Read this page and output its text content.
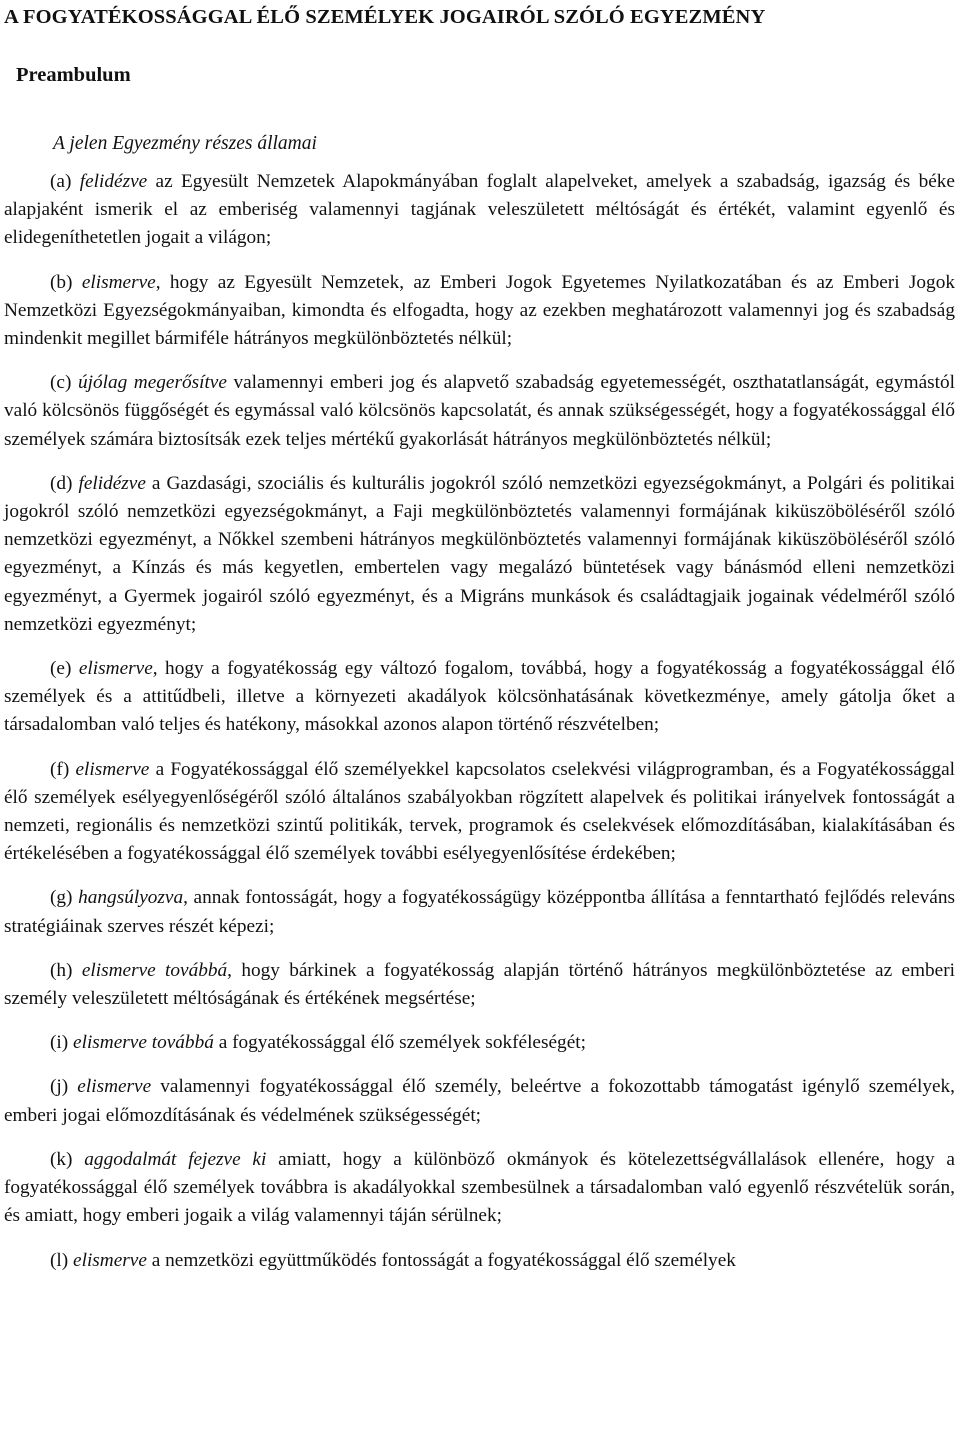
A FOGYATÉKOSSÁGGAL ÉLŐ SZEMÉLYEK JOGAIRÓL SZÓLÓ EGYEZMÉNY
Preambulum

A jelen Egyezmény részes államai

(a) felidézve az Egyesült Nemzetek Alapokmányában foglalt alapelveket, amelyek a szabadság, igazság és béke alapjaként ismerik el az emberiség valamennyi tagjának veleszületett méltóságát és értékét, valamint egyenlő és elidegeníthetetlen jogait a világon;

(b) elismerve, hogy az Egyesült Nemzetek, az Emberi Jogok Egyetemes Nyilatkozatában és az Emberi Jogok Nemzetközi Egyezségokmányaiban, kimondta és elfogadta, hogy az ezekben meghatározott valamennyi jog és szabadság mindenkit megillet bármiféle hátrányos megkülönböztetés nélkül;

(c) újólag megerősítve valamennyi emberi jog és alapvető szabadság egyetemességét, oszthatatlanságát, egymástól való kölcsönös függőségét és egymással való kölcsönös kapcsolatát, és annak szükségességét, hogy a fogyatékossággal élő személyek számára biztosítsák ezek teljes mértékű gyakorlását hátrányos megkülönböztetés nélkül;

(d) felidézve a Gazdasági, szociális és kulturális jogokról szóló nemzetközi egyezségokmányt, a Polgári és politikai jogokról szóló nemzetközi egyezségokmányt, a Faji megkülönböztetés valamennyi formájának kiküszöböléséről szóló nemzetközi egyezményt, a Nőkkel szembeni hátrányos megkülönböztetés valamennyi formájának kiküszöböléséről szóló egyezményt, a Kínzás és más kegyetlen, embertelen vagy megalázó büntetések vagy bánásmód elleni nemzetközi egyezményt, a Gyermek jogairól szóló egyezményt, és a Migráns munkások és családtagjaik jogainak védelméről szóló nemzetközi egyezményt;

(e) elismerve, hogy a fogyatékosság egy változó fogalom, továbbá, hogy a fogyatékosság a fogyatékossággal élő személyek és a attitűdbeli, illetve a környezeti akadályok kölcsönhatásának következménye, amely gátolja őket a társadalomban való teljes és hatékony, másokkal azonos alapon történő részvételben;

(f) elismerve a Fogyatékossággal élő személyekkel kapcsolatos cselekvési világprogramban, és a Fogyatékossággal élő személyek esélyegyenlőségéről szóló általános szabályokban rögzített alapelvek és politikai irányelvek fontosságát a nemzeti, regionális és nemzetközi szintű politikák, tervek, programok és cselekvések előmozdításában, kialakításában és értékelésében a fogyatékossággal élő személyek további esélyegyenlősítése érdekében;

(g) hangsúlyozva, annak fontosságát, hogy a fogyatékosságügy középpontba állítása a fenntartható fejlődés releváns stratégiáinak szerves részét képezi;

(h) elismerve továbbá, hogy bárkinek a fogyatékosság alapján történő hátrányos megkülönböztetése az emberi személy veleszületett méltóságának és értékének megsértése;

(i) elismerve továbbá a fogyatékossággal élő személyek sokféleségét;

(j) elismerve valamennyi fogyatékossággal élő személy, beleértve a fokozottabb támogatást igénylő személyek, emberi jogai előmozdításának és védelmének szükségességét;

(k) aggodalmát fejezve ki amiatt, hogy a különböző okmányok és kötelezettségvállalások ellenére, hogy a fogyatékossággal élő személyek továbbra is akadályokkal szembesülnek a társadalomban való egyenlő részvételük során, és amiatt, hogy emberi jogaik a világ valamennyi táján sérülnek;

(l) elismerve a nemzetközi együttműködés fontosságát a fogyatékossággal élő személyek
